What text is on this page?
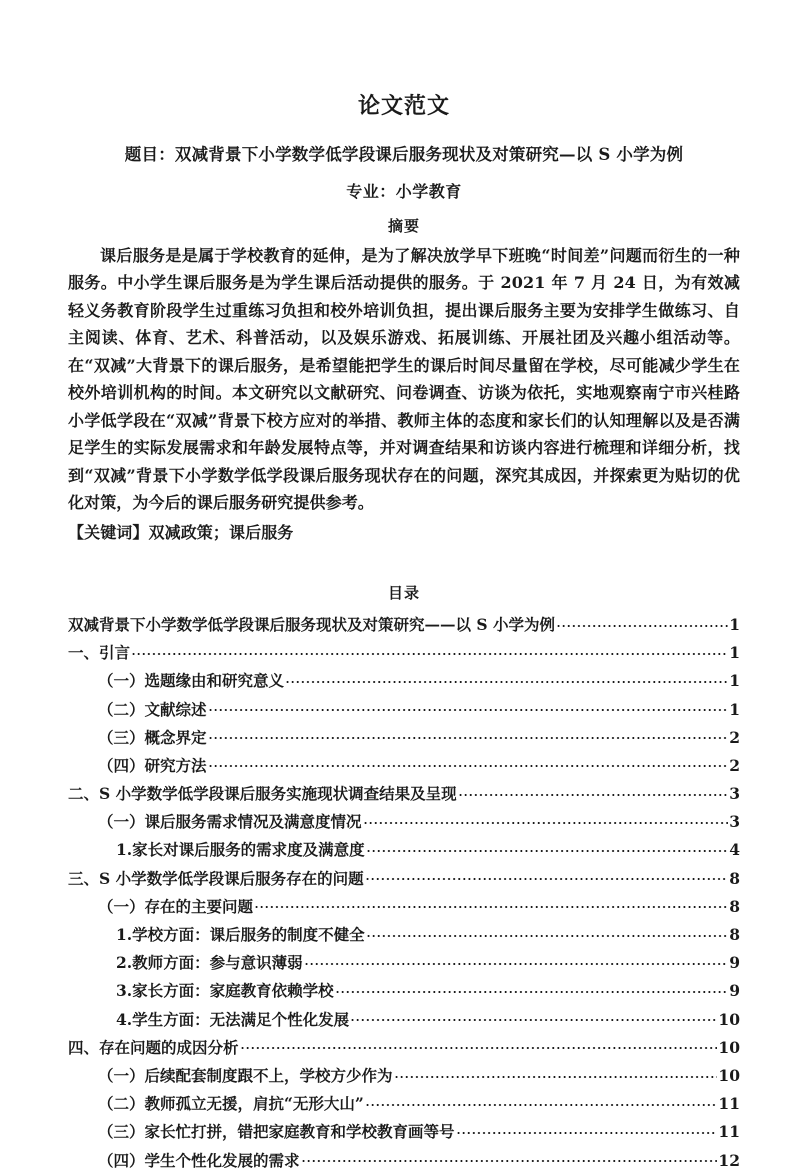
论文范文
题目：双减背景下小学数学低学段课后服务现状及对策研究—以 S 小学为例
专业：小学教育
摘要
课后服务是是属于学校教育的延伸，是为了解决放学早下班晚“时间差”问题而衍生的一种服务。中小学生课后服务是为学生课后活动提供的服务。于 2021 年 7 月 24 日，为有效减轻义务教育阶段学生过重练习负担和校外培训负担，提出课后服务主要为安排学生做练习、自主阅读、体育、艺术、科普活动，以及娱乐游戏、拓展训练、开展社团及兴趣小组活动等。在“双减”大背景下的课后服务，是希望能把学生的课后时间尽量留在学校，尽可能减少学生在校外培训机构的时间。本文研究以文献研究、问卷调查、访谈为依托，实地观察南宁市兴桂路小学低学段在“双减”背景下校方应对的举措、教师主体的态度和家长们的认知理解以及是否满足学生的实际发展需求和年龄发展特点等，并对调查结果和访谈内容进行梳理和详细分析，找到“双减”背景下小学数学低学段课后服务现状存在的问题，深究其成因，并探索更为贴切的优化对策，为今后的课后服务研究提供参考。
【关键词】双减政策；课后服务
目录
双减背景下小学数学低学段课后服务现状及对策研究——以 S 小学为例	1
一、引言	1
（一）选题缘由和研究意义	1
（二）文献综述	1
（三）概念界定	2
（四）研究方法	2
二、S 小学数学低学段课后服务实施现状调查结果及呈现	3
（一）课后服务需求情况及满意度情况	3
1.家长对课后服务的需求度及满意度	4
三、S 小学数学低学段课后服务存在的问题	8
（一）存在的主要问题	8
1.学校方面：课后服务的制度不健全	8
2.教师方面：参与意识薄弱	9
3.家长方面：家庭教育依赖学校	9
4.学生方面：无法满足个性化发展	10
四、存在问题的成因分析	10
（一）后续配套制度跟不上，学校方少作为	10
（二）教师孤立无援，肩抗“无形大山”	11
（三）家长忙打拼，错把家庭教育和学校教育画等号	11
（四）学生个性化发展的需求	12
